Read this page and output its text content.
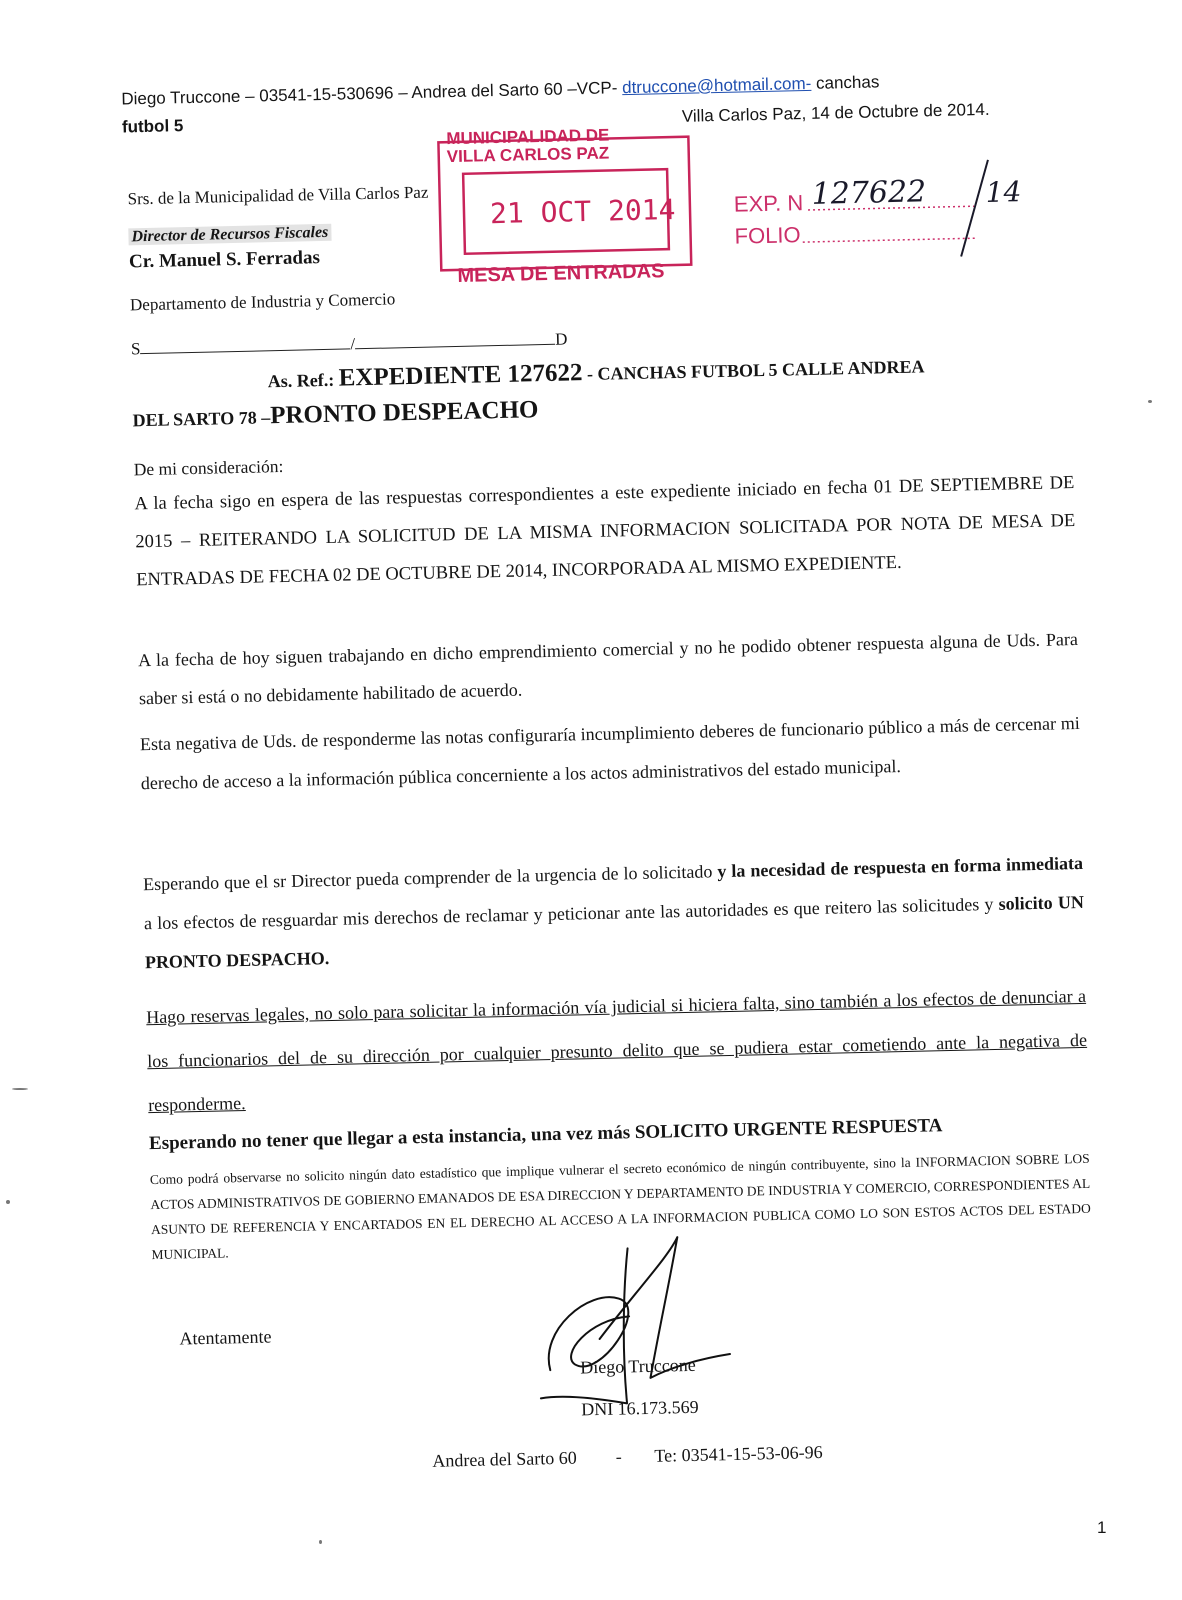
Diego Truccone – 03541-15-530696 – Andrea del Sarto 60 –VCP- dtruccone@hotmail.com- canchas
futbol 5
Villa Carlos Paz, 14 de Octubre de 2014.
MUNICIPALIDAD DE
VILLA CARLOS PAZ
21 OCT 2014
MESA DE ENTRADAS
EXP. N
FOLIO
127622 14
Srs. de la Municipalidad de Villa Carlos Paz
Director de Recursos Fiscales
Cr. Manuel S. Ferradas
Departamento de Industria y Comercio
S	/	D
As. Ref.: EXPEDIENTE 127622 - CANCHAS FUTBOL 5 CALLE ANDREA
DEL SARTO 78 –PRONTO DESPEACHO
De mi consideración:
A la fecha sigo en espera de las respuestas correspondientes a este expediente iniciado en fecha 01 DE SEPTIEMBRE DE 2015 – REITERANDO LA SOLICITUD DE LA MISMA INFORMACION SOLICITADA POR NOTA DE MESA DE ENTRADAS DE FECHA 02 DE OCTUBRE DE 2014, INCORPORADA AL MISMO EXPEDIENTE.
A la fecha de hoy siguen trabajando en dicho emprendimiento comercial y no he podido obtener respuesta alguna de Uds. Para saber si está o no debidamente habilitado de acuerdo.
Esta negativa de Uds. de responderme las notas configuraría incumplimiento deberes de funcionario público a más de cercenar mi derecho de acceso a la información pública concerniente a los actos administrativos del estado municipal.
Esperando que el sr Director pueda comprender de la urgencia de lo solicitado y la necesidad de respuesta en forma inmediata a los efectos de resguardar mis derechos de reclamar y peticionar ante las autoridades es que reitero las solicitudes y solicito UN PRONTO DESPACHO.
Hago reservas legales, no solo para solicitar la información vía judicial si hiciera falta, sino también a los efectos de denunciar a los funcionarios del de su dirección por cualquier presunto delito que se pudiera estar cometiendo ante la negativa de responderme.
Esperando no tener que llegar a esta instancia, una vez más SOLICITO URGENTE RESPUESTA
Como podrá observarse no solicito ningún dato estadístico que implique vulnerar el secreto económico de ningún contribuyente, sino la INFORMACION SOBRE LOS ACTOS ADMINISTRATIVOS DE GOBIERNO EMANADOS DE ESA DIRECCION Y DEPARTAMENTO DE INDUSTRIA Y COMERCIO, CORRESPONDIENTES AL ASUNTO DE REFERENCIA Y ENCARTADOS EN EL DERECHO AL ACCESO A LA INFORMACION PUBLICA COMO LO SON ESTOS ACTOS DEL ESTADO MUNICIPAL.
Atentamente
Diego Truccone
DNI 16.173.569
Andrea del Sarto 60 - Te: 03541-15-53-06-96
1
